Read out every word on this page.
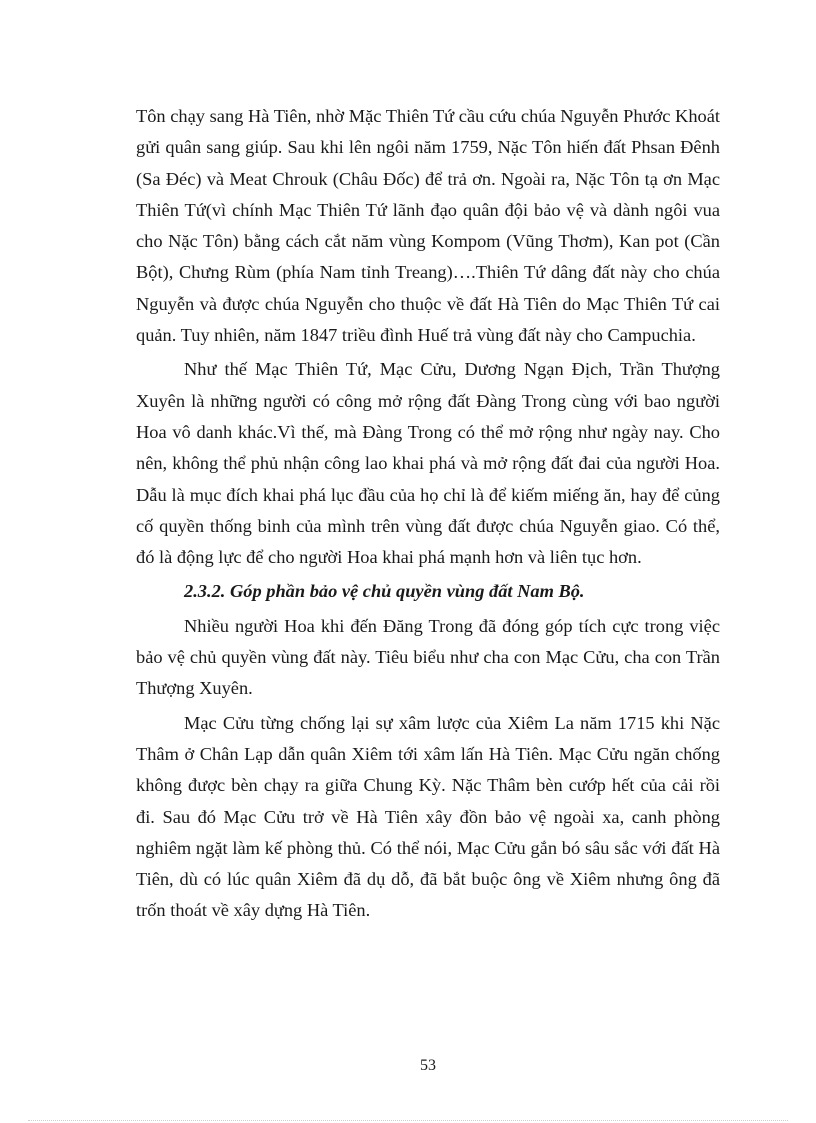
Tôn chạy sang Hà Tiên, nhờ Mặc Thiên Tứ cầu cứu chúa Nguyễn Phước Khoát gửi quân sang giúp. Sau khi lên ngôi năm 1759, Nặc Tôn hiến đất Phsan Đênh (Sa Đéc) và Meat Chrouk (Châu Đốc) để trả ơn. Ngoài ra, Nặc Tôn tạ ơn Mạc Thiên Tứ(vì chính Mạc Thiên Tứ lãnh đạo quân đội bảo vệ và dành ngôi vua cho Nặc Tôn) bằng cách cắt năm vùng Kompom (Vũng Thơm), Kan pot (Cần Bột), Chưng Rùm (phía Nam tỉnh Treang)….Thiên Tứ dâng đất này cho chúa Nguyễn và được chúa Nguyễn cho thuộc về đất Hà Tiên do Mạc Thiên Tứ cai quản. Tuy nhiên, năm 1847 triều đình Huế trả vùng đất này cho Campuchia.

Như thế Mạc Thiên Tứ, Mạc Cửu, Dương Ngạn Địch, Trần Thượng Xuyên là những người có công mở rộng đất Đàng Trong cùng với bao người Hoa vô danh khác.Vì thế, mà Đàng Trong có thể mở rộng như ngày nay. Cho nên, không thể phủ nhận công lao khai phá và mở rộng đất đai của người Hoa. Dẫu là mục đích khai phá lục đầu của họ chỉ là để kiếm miếng ăn, hay để củng cố quyền thống binh của mình trên vùng đất được chúa Nguyễn giao. Có thể, đó là động lực để cho người Hoa khai phá mạnh hơn và liên tục hơn.

2.3.2. Góp phần bảo vệ chủ quyền vùng đất Nam Bộ.

Nhiều người Hoa khi đến Đăng Trong đã đóng góp tích cực trong việc bảo vệ chủ quyền vùng đất này. Tiêu biểu như cha con Mạc Cửu, cha con Trần Thượng Xuyên.

Mạc Cửu từng chống lại sự xâm lược của Xiêm La năm 1715 khi Nặc Thâm ở Chân Lạp dẫn quân Xiêm tới xâm lấn Hà Tiên. Mạc Cửu ngăn chống không được bèn chạy ra giữa Chung Kỳ. Nặc Thâm bèn cướp hết của cải rồi đi. Sau đó Mạc Cửu trở về Hà Tiên xây đồn bảo vệ ngoài xa, canh phòng nghiêm ngặt làm kế phòng thủ. Có thể nói, Mạc Cửu gắn bó sâu sắc với đất Hà Tiên, dù có lúc quân Xiêm đã dụ dỗ, đã bắt buộc ông về Xiêm nhưng ông đã trốn thoát về xây dựng Hà Tiên.

53
